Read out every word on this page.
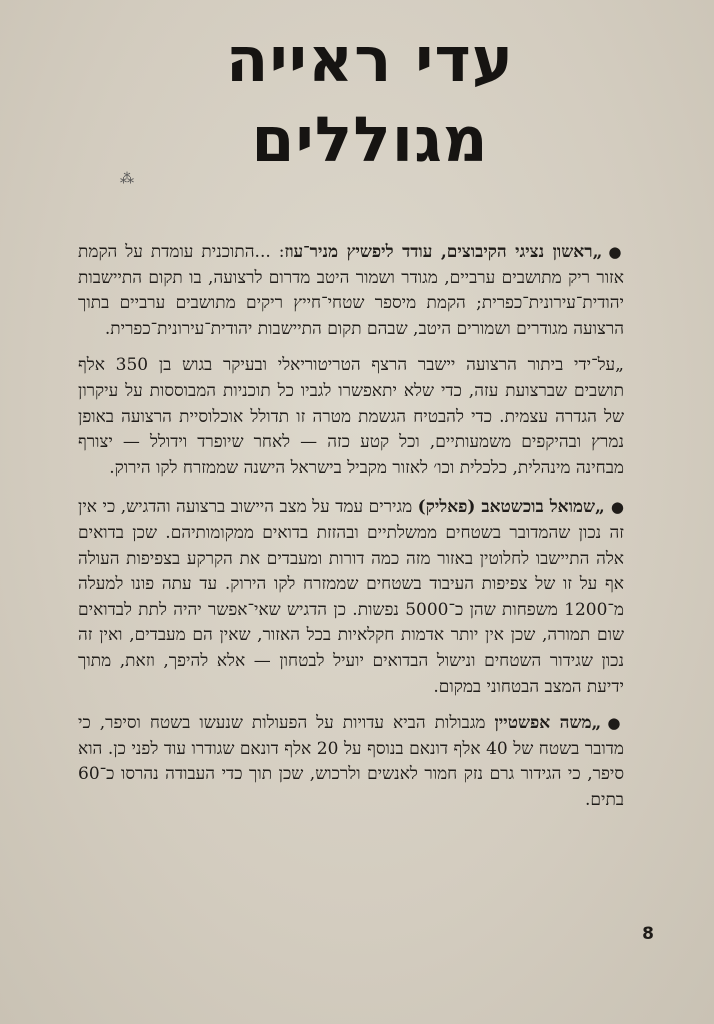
עדי ראייה מגוללים
⁂

●„ראשון נציגי הקיבוצים, עודד ליפשיץ מניר־עוז: ...התוכנית עומדת על הקמת אזור ריק מתושבים ערביים, מגודר ושמור היטב מדרום לרצועה, בו תקום התיישבות יהודית־עירונית־כפרית; הקמת מיספר שטחי־חייץ ריקים מתושבים ערביים בתוך הרצועה מגודרים ושמורים היטב, שבהם תקום התיישבות יהודית־עירונית־כפרית.

„על־ידי ביתור הרצועה יישבר הרצף הטריטוריאלי ובעיקר בגוש בן 350 אלף תושבים שברצועת עזה, כדי שלא יתאפשרו לגביו כל תוכניות המבוססות על עיקרון של הגדרה עצמית. כדי להבטיח הגשמת מטרה זו תדולל אוכלוסיית הרצועה באופן נמרץ ובהיקפים משמעותיים, וכל קטע כזה — לאחר שיופרד וידולל — יצורף מבחינה מינהלית, כלכלית וכו׳ לאזור מקביל בישראל הישנה שממזרח לקו הירוק.

●„שמואל בוכשטאב (פאליק) מגירים עמד על מצב היישוב ברצועה והדגיש, כי אין זה נכון שהמדובר בשטחים ממשלתיים ובהזזת בדואים ממקומותיהם. שכן בדואים אלה התיישבו לחלוטין באזור מזה כמה דורות ומעבדים את הקרקע בצפיפות העולה אף על זו של צפיפות העיבוד בשטחים שממזרח לקו הירוק. עד עתה פונו למעלה מ־1200 משפחות שהן כ־5000 נפשות. כן הדגיש שאי־אפשר יהיה לתת לבדואים שום תמורה, שכן אין יותר אדמות חקלאיות בכל האזור, שאין הם מעבדים, ואין זה נכון שגידור השטחים ונישול הבדואים יועיל לבטחון — אלא להיפך, וזאת, מתוך ידיעת המצב הבטחוני במקום.

●„משה אפשטיין מגבולות הביא עדויות על הפעולות שנעשו בשטח וסיפר, כי מדובר בשטח של 40 אלף דונאם בנוסף על 20 אלף דונאם שגודרו עוד לפני כן. הוא סיפר, כי הגידור גרם נזק חמור לאנשים ולרכוש, שכן תוך כדי העבודה נהרסו כ־60 בתים.

8
